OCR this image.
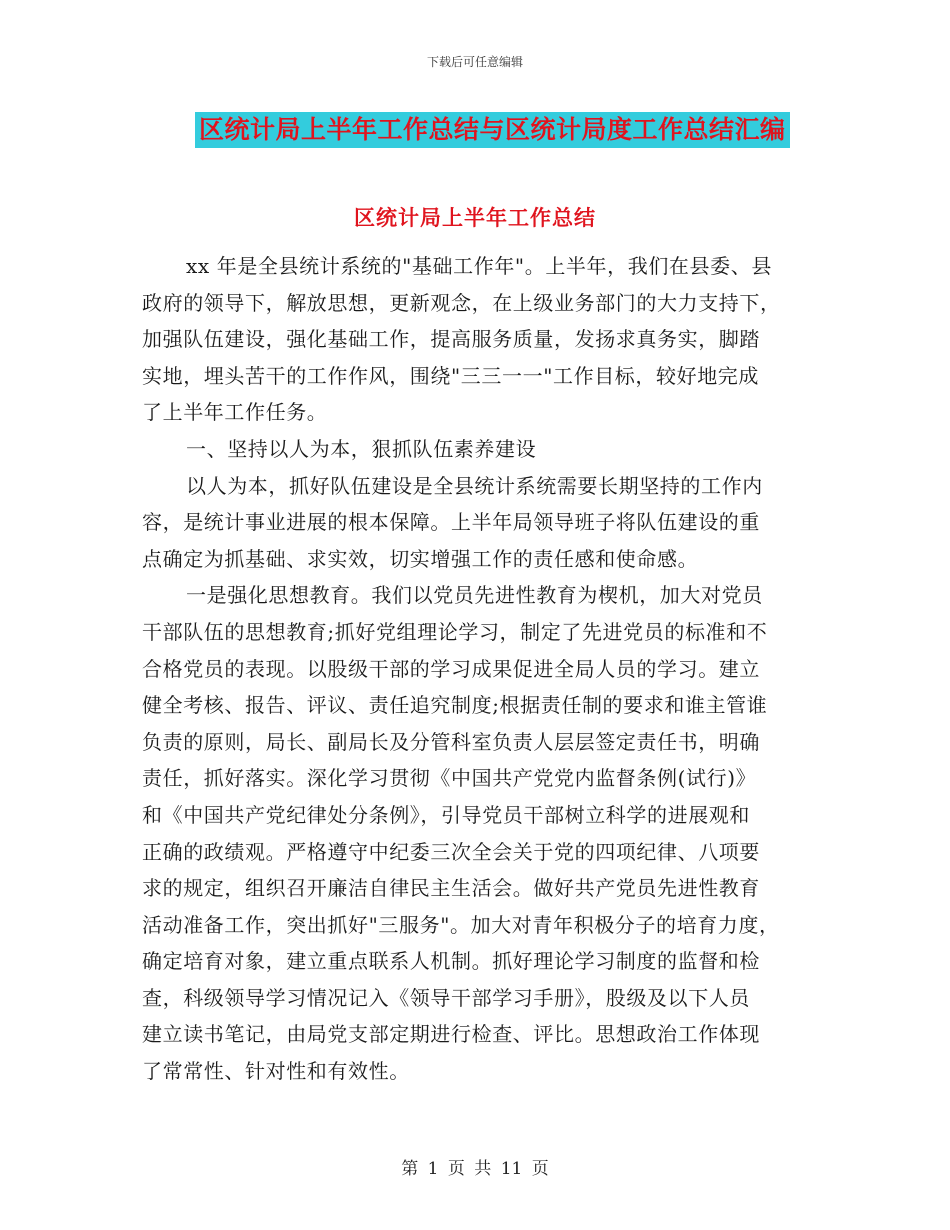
下载后可任意编辑
区统计局上半年工作总结与区统计局度工作总结汇编
区统计局上半年工作总结
xx 年是全县统计系统的"基础工作年"。上半年，我们在县委、县
政府的领导下，解放思想，更新观念，在上级业务部门的大力支持下，
加强队伍建设，强化基础工作，提高服务质量，发扬求真务实，脚踏
实地，埋头苦干的工作作风，围绕"三三一一"工作目标，较好地完成
了上半年工作任务。
一、坚持以人为本，狠抓队伍素养建设
以人为本，抓好队伍建设是全县统计系统需要长期坚持的工作内
容，是统计事业进展的根本保障。上半年局领导班子将队伍建设的重
点确定为抓基础、求实效，切实增强工作的责任感和使命感。
一是强化思想教育。我们以党员先进性教育为楔机，加大对党员
干部队伍的思想教育;抓好党组理论学习，制定了先进党员的标准和不
合格党员的表现。以股级干部的学习成果促进全局人员的学习。建立
健全考核、报告、评议、责任追究制度;根据责任制的要求和谁主管谁
负责的原则，局长、副局长及分管科室负责人层层签定责任书，明确
责任，抓好落实。深化学习贯彻《中国共产党党内监督条例(试行)》
和《中国共产党纪律处分条例》，引导党员干部树立科学的进展观和
正确的政绩观。严格遵守中纪委三次全会关于党的四项纪律、八项要
求的规定，组织召开廉洁自律民主生活会。做好共产党员先进性教育
活动准备工作，突出抓好"三服务"。加大对青年积极分子的培育力度，
确定培育对象，建立重点联系人机制。抓好理论学习制度的监督和检
查，科级领导学习情况记入《领导干部学习手册》，股级及以下人员
建立读书笔记，由局党支部定期进行检查、评比。思想政治工作体现
了常常性、针对性和有效性。
第 1 页 共 11 页
